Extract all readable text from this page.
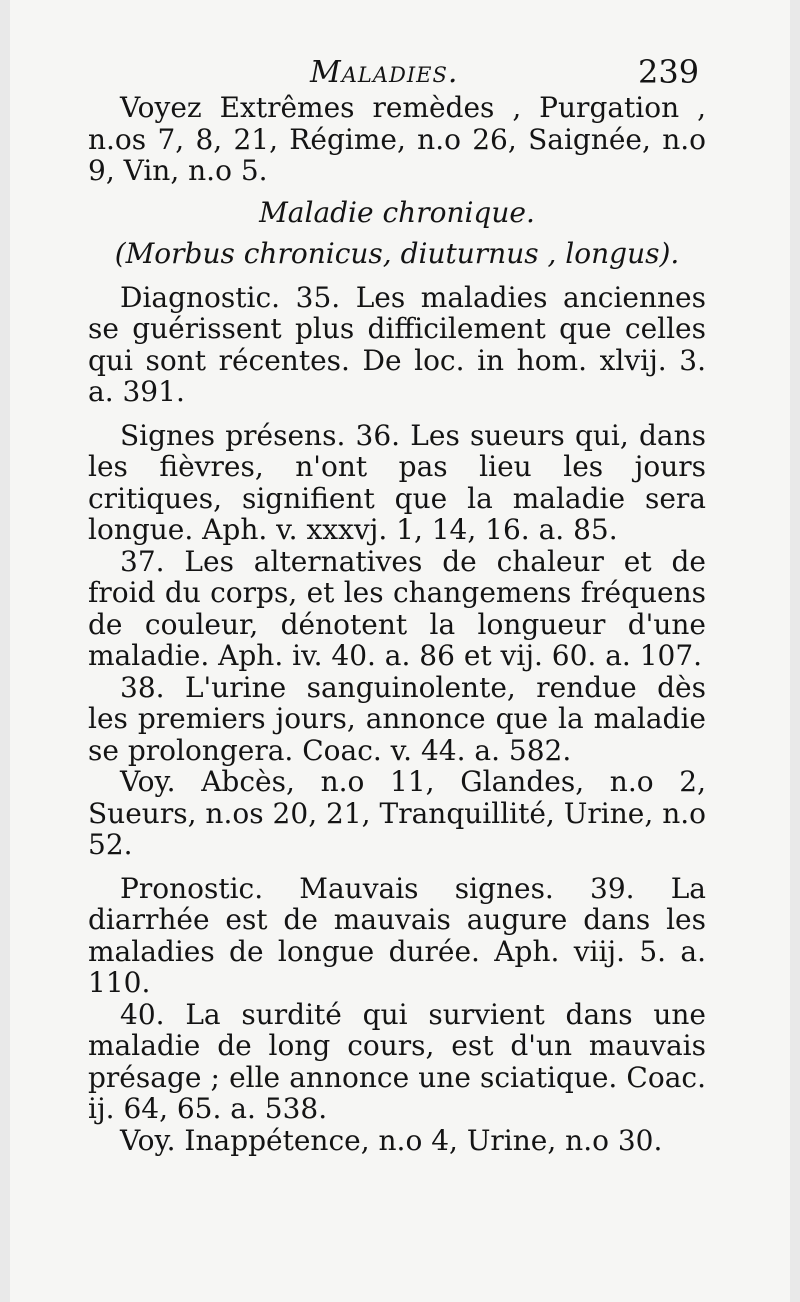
Maladies.	239

Voyez Extrêmes remèdes , Purgation , n.os 7, 8, 21, Régime, n.o 26, Saignée, n.o 9, Vin, n.o 5.

Maladie chronique.

(Morbus chronicus, diuturnus , longus).

Diagnostic. 35. Les maladies anciennes se guérissent plus difficilement que celles qui sont récentes. De loc. in hom. xlvij. 3. a. 391.

Signes présens. 36. Les sueurs qui, dans les fièvres, n'ont pas lieu les jours critiques, signifient que la maladie sera longue. Aph. v. xxxvj. 1, 14, 16. a. 85.

37. Les alternatives de chaleur et de froid du corps, et les changemens fréquens de couleur, dénotent la longueur d'une maladie. Aph. iv. 40. a. 86 et vij. 60. a. 107.

38. L'urine sanguinolente, rendue dès les premiers jours, annonce que la maladie se prolongera. Coac. v. 44. a. 582.

Voy. Abcès, n.o 11, Glandes, n.o 2, Sueurs, n.os 20, 21, Tranquillité, Urine, n.o 52.

Pronostic. Mauvais signes. 39. La diarrhée est de mauvais augure dans les maladies de longue durée. Aph. viij. 5. a. 110.

40. La surdité qui survient dans une maladie de long cours, est d'un mauvais présage ; elle annonce une sciatique. Coac. ij. 64, 65. a. 538.

Voy. Inappétence, n.o 4, Urine, n.o 30.
